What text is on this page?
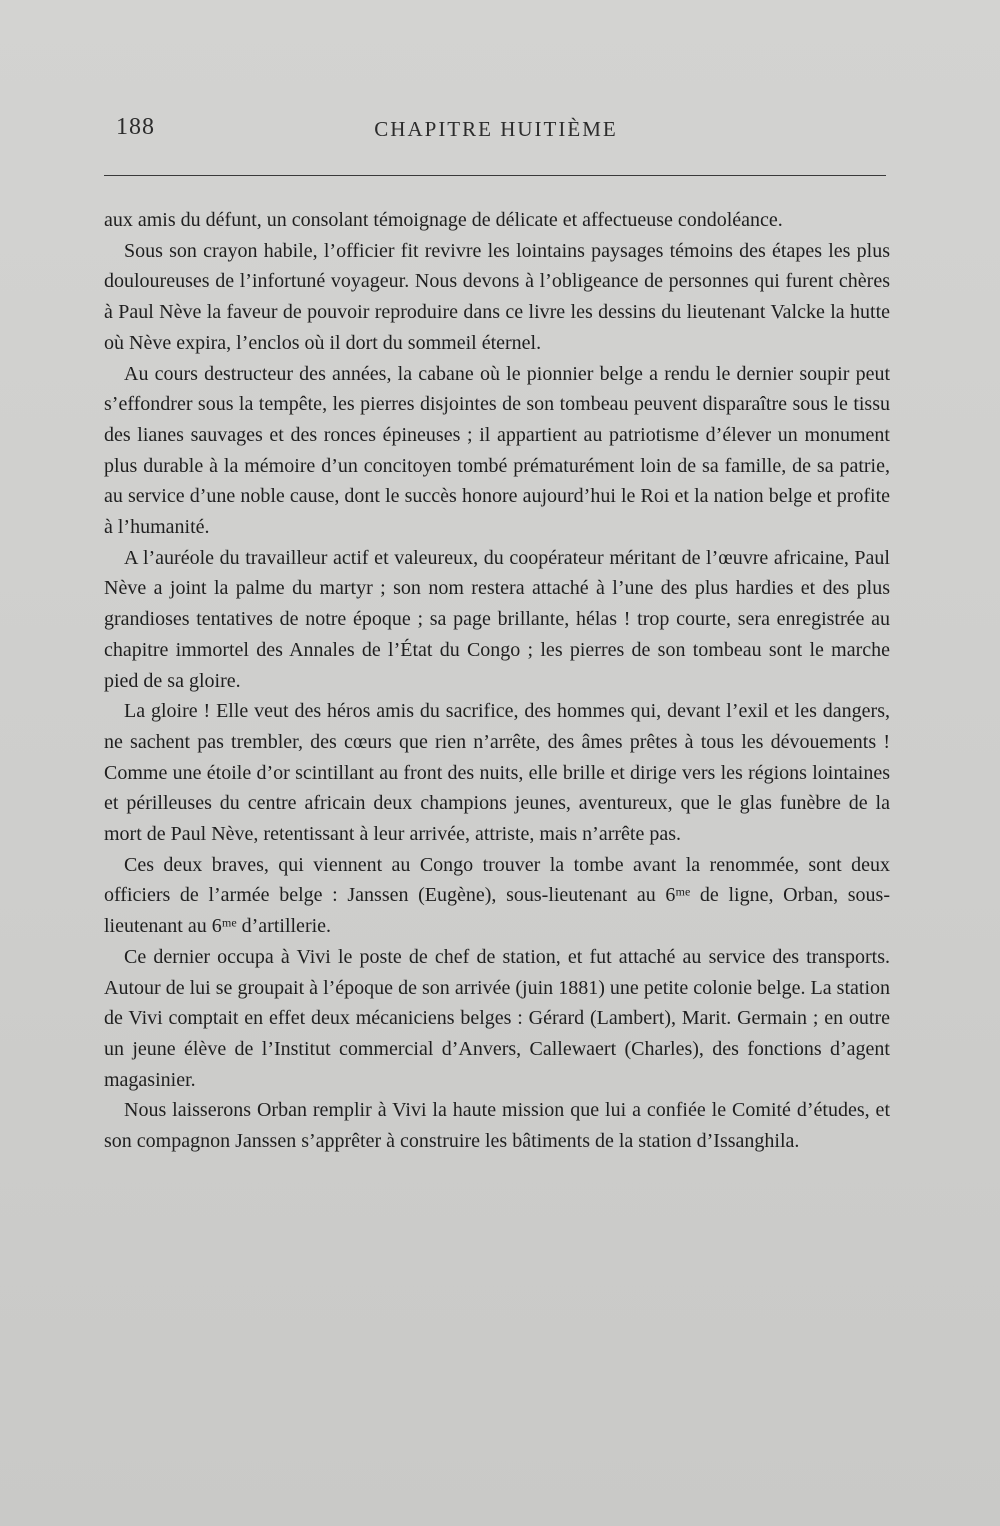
188	CHAPITRE HUITIÈME

aux amis du défunt, un consolant témoignage de délicate et affectueuse condoléance.

Sous son crayon habile, l’officier fit revivre les lointains paysages témoins des étapes les plus douloureuses de l’infortuné voyageur. Nous devons à l’obligeance de personnes qui furent chères à Paul Nève la faveur de pouvoir reproduire dans ce livre les dessins du lieutenant Valcke la hutte où Nève expira, l’enclos où il dort du sommeil éternel.

Au cours destructeur des années, la cabane où le pionnier belge a rendu le dernier soupir peut s’effondrer sous la tempête, les pierres disjointes de son tombeau peuvent disparaître sous le tissu des lianes sauvages et des ronces épineuses ; il appartient au patriotisme d’élever un monument plus durable à la mémoire d’un concitoyen tombé prématurément loin de sa famille, de sa patrie, au service d’une noble cause, dont le succès honore aujourd’hui le Roi et la nation belge et profite à l’humanité.

A l’auréole du travailleur actif et valeureux, du coopérateur méritant de l’œuvre africaine, Paul Nève a joint la palme du martyr ; son nom restera attaché à l’une des plus hardies et des plus grandioses tentatives de notre époque ; sa page brillante, hélas ! trop courte, sera enregistrée au chapitre immortel des Annales de l’État du Congo ; les pierres de son tombeau sont le marche pied de sa gloire.

La gloire ! Elle veut des héros amis du sacrifice, des hommes qui, devant l’exil et les dangers, ne sachent pas trembler, des cœurs que rien n’arrête, des âmes prêtes à tous les dévouements ! Comme une étoile d’or scintillant au front des nuits, elle brille et dirige vers les régions lointaines et périlleuses du centre africain deux champions jeunes, aventureux, que le glas funèbre de la mort de Paul Nève, retentissant à leur arrivée, attriste, mais n’arrête pas.

Ces deux braves, qui viennent au Congo trouver la tombe avant la renommée, sont deux officiers de l’armée belge : Janssen (Eugène), sous-lieutenant au 6ᵐᵉ de ligne, Orban, sous-lieutenant au 6ᵐᵉ d’artillerie.

Ce dernier occupa à Vivi le poste de chef de station, et fut attaché au service des transports. Autour de lui se groupait à l’époque de son arrivée (juin 1881) une petite colonie belge. La station de Vivi comptait en effet deux mécaniciens belges : Gérard (Lambert), Marit. Germain ; en outre un jeune élève de l’Institut commercial d’Anvers, Callewaert (Charles), des fonctions d’agent magasinier.

Nous laisserons Orban remplir à Vivi la haute mission que lui a confiée le Comité d’études, et son compagnon Janssen s’apprêter à construire les bâtiments de la station d’Issanghila.
